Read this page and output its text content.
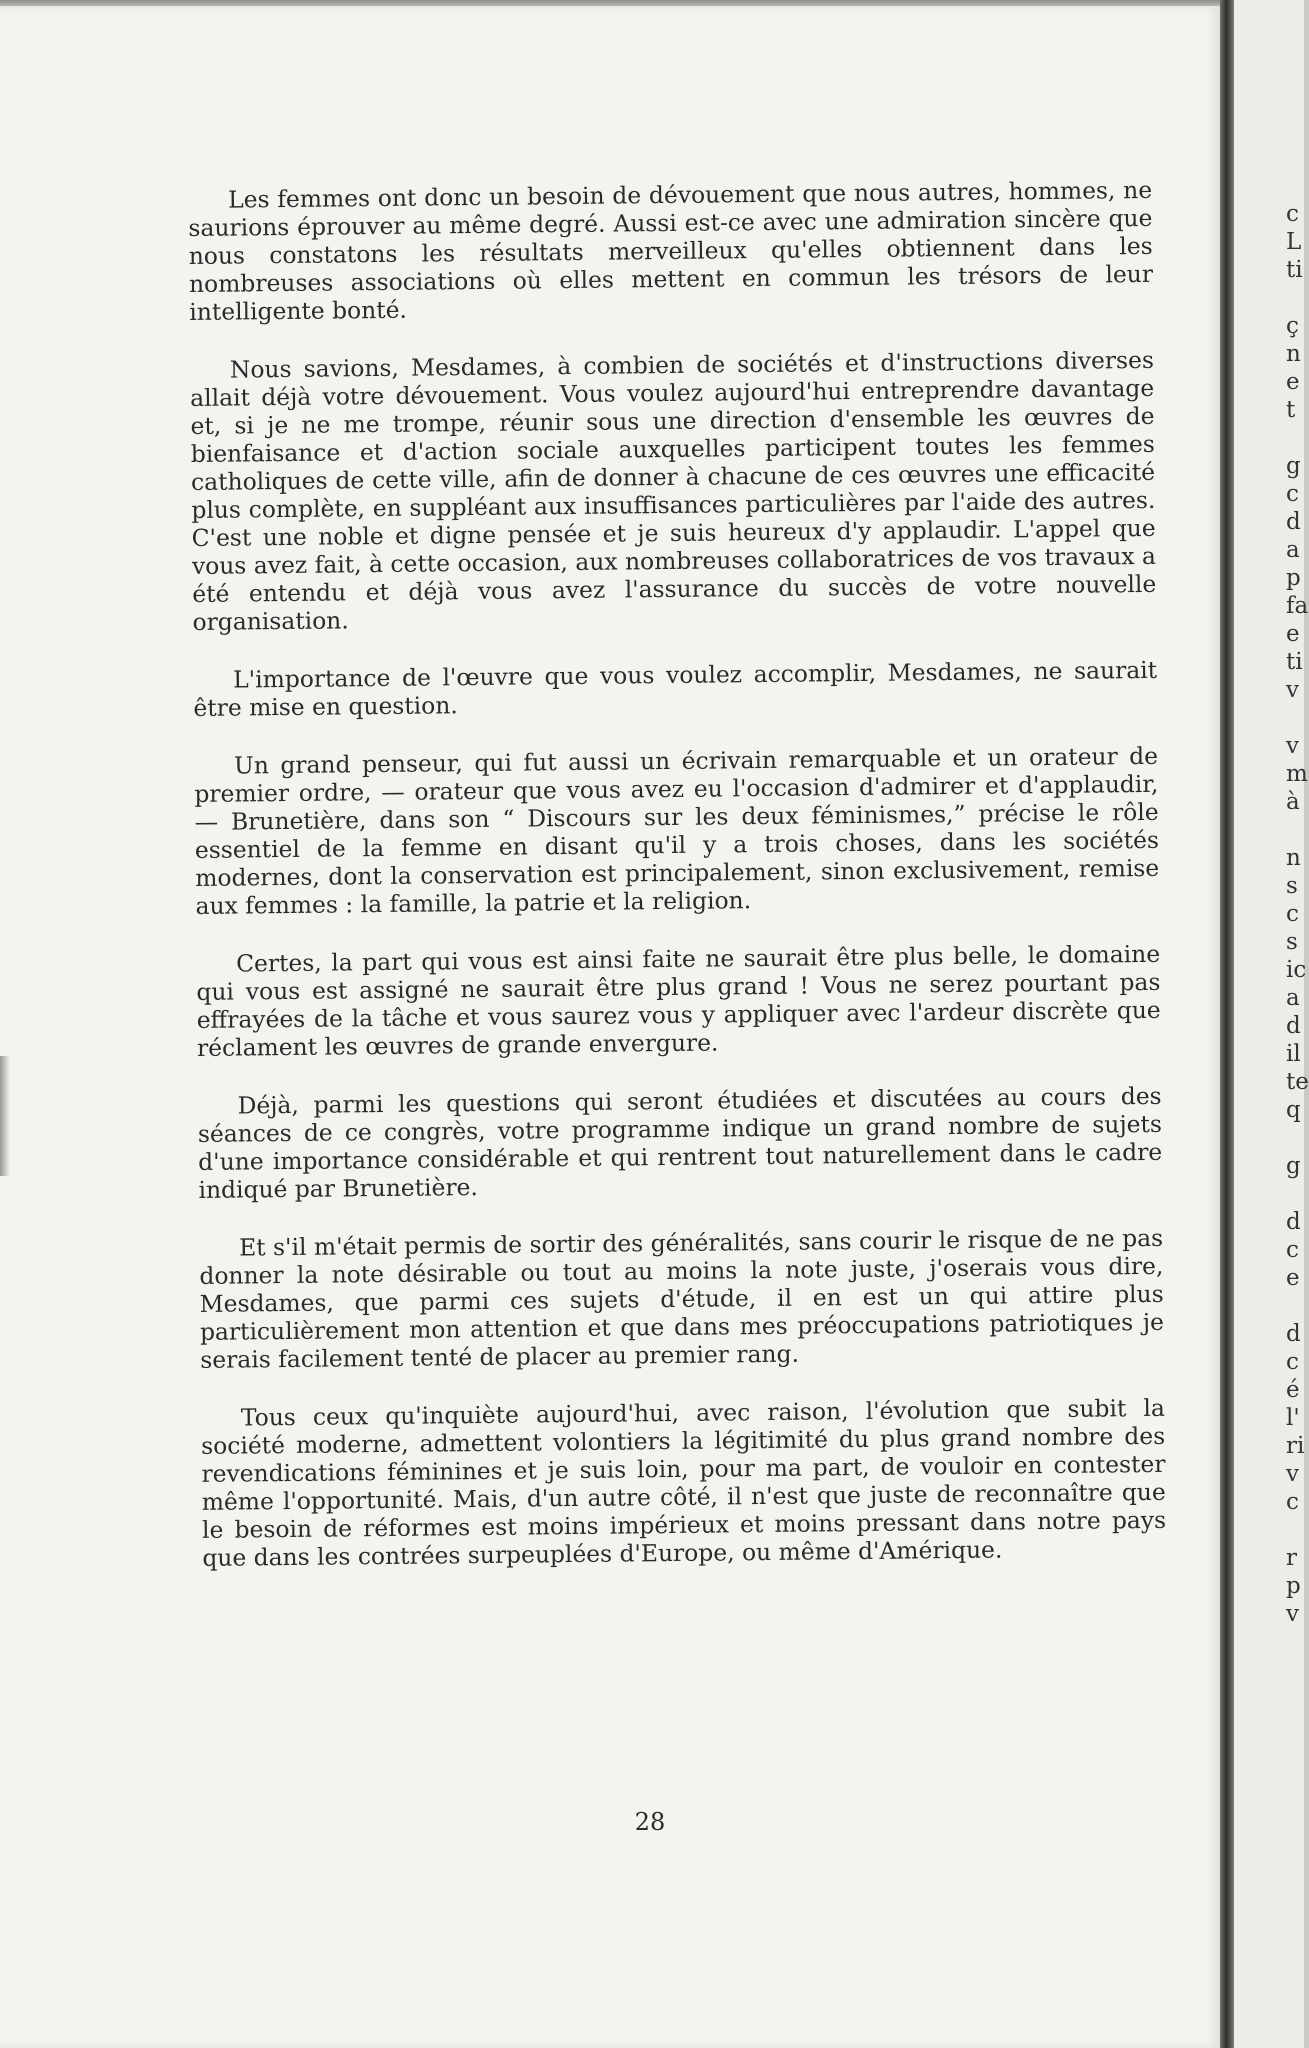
Les femmes ont donc un besoin de dévouement que nous autres, hommes, ne saurions éprouver au même degré. Aussi est-ce avec une admiration sincère que nous constatons les résultats merveilleux qu'elles obtiennent dans les nombreuses associations où elles mettent en commun les trésors de leur intelligente bonté.

Nous savions, Mesdames, à combien de sociétés et d'instructions diverses allait déjà votre dévouement. Vous voulez aujourd'hui entreprendre davantage et, si je ne me trompe, réunir sous une direction d'ensemble les œuvres de bienfaisance et d'action sociale auxquelles participent toutes les femmes catholiques de cette ville, afin de donner à chacune de ces œuvres une efficacité plus complète, en suppléant aux insuffisances particulières par l'aide des autres. C'est une noble et digne pensée et je suis heureux d'y applaudir. L'appel que vous avez fait, à cette occasion, aux nombreuses collaboratrices de vos travaux a été entendu et déjà vous avez l'assurance du succès de votre nouvelle organisation.

L'importance de l'œuvre que vous voulez accomplir, Mesdames, ne saurait être mise en question.

Un grand penseur, qui fut aussi un écrivain remarquable et un orateur de premier ordre, — orateur que vous avez eu l'occasion d'admirer et d'applaudir, — Brunetière, dans son “ Discours sur les deux féminismes,” précise le rôle essentiel de la femme en disant qu'il y a trois choses, dans les sociétés modernes, dont la conservation est principalement, sinon exclusivement, remise aux femmes : la famille, la patrie et la religion.

Certes, la part qui vous est ainsi faite ne saurait être plus belle, le domaine qui vous est assigné ne saurait être plus grand ! Vous ne serez pourtant pas effrayées de la tâche et vous saurez vous y appliquer avec l'ardeur discrète que réclament les œuvres de grande envergure.

Déjà, parmi les questions qui seront étudiées et discutées au cours des séances de ce congrès, votre programme indique un grand nombre de sujets d'une importance considérable et qui rentrent tout naturellement dans le cadre indiqué par Brunetière.

Et s'il m'était permis de sortir des généralités, sans courir le risque de ne pas donner la note désirable ou tout au moins la note juste, j'oserais vous dire, Mesdames, que parmi ces sujets d'étude, il en est un qui attire plus particulièrement mon attention et que dans mes préoccupations patriotiques je serais facilement tenté de placer au premier rang.

Tous ceux qu'inquiète aujourd'hui, avec raison, l'évolution que subit la société moderne, admettent volontiers la légitimité du plus grand nombre des revendications féminines et je suis loin, pour ma part, de vouloir en contester même l'opportunité. Mais, d'un autre côté, il n'est que juste de reconnaître que le besoin de réformes est moins impérieux et moins pressant dans notre pays que dans les contrées surpeuplées d'Europe, ou même d'Amérique.

28
c
L
ti
ç
n
e
t
g
c
d
a
p
fa
e
ti
v
v
m
à
n
s
c
s
ic
a
d
il
te
q
g
d
c
e
d
c
é
l'
ri
v
c
r
p
v
